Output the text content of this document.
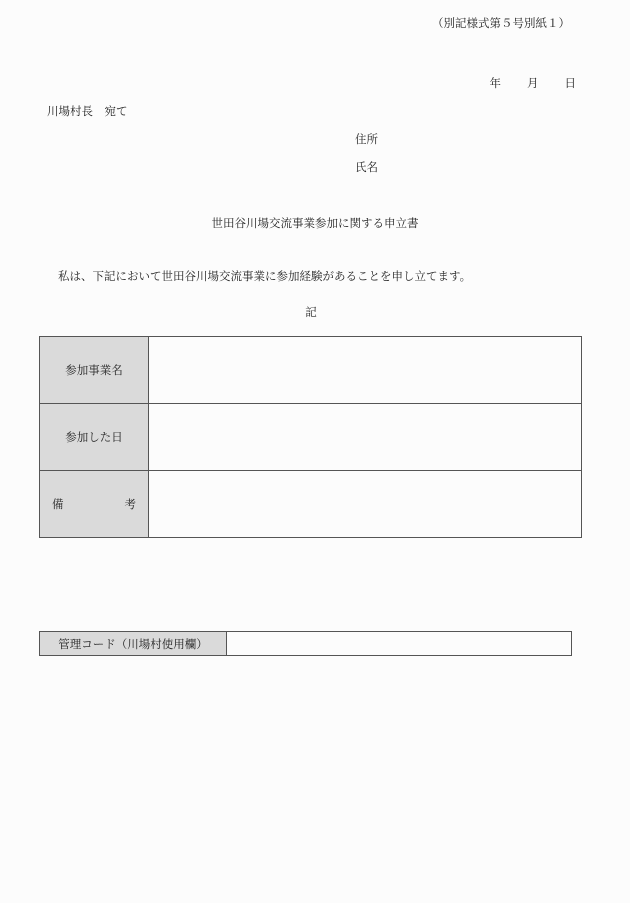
（別記様式第５号別紙１）
年 月 日
川場村長　宛て
住所
氏名
世田谷川場交流事業参加に関する申立書
私は、下記において世田谷川場交流事業に参加経験があることを申し立てます。
記
参加事業名	
参加した日	

備 考	

管理コード（川場村使用欄）	
